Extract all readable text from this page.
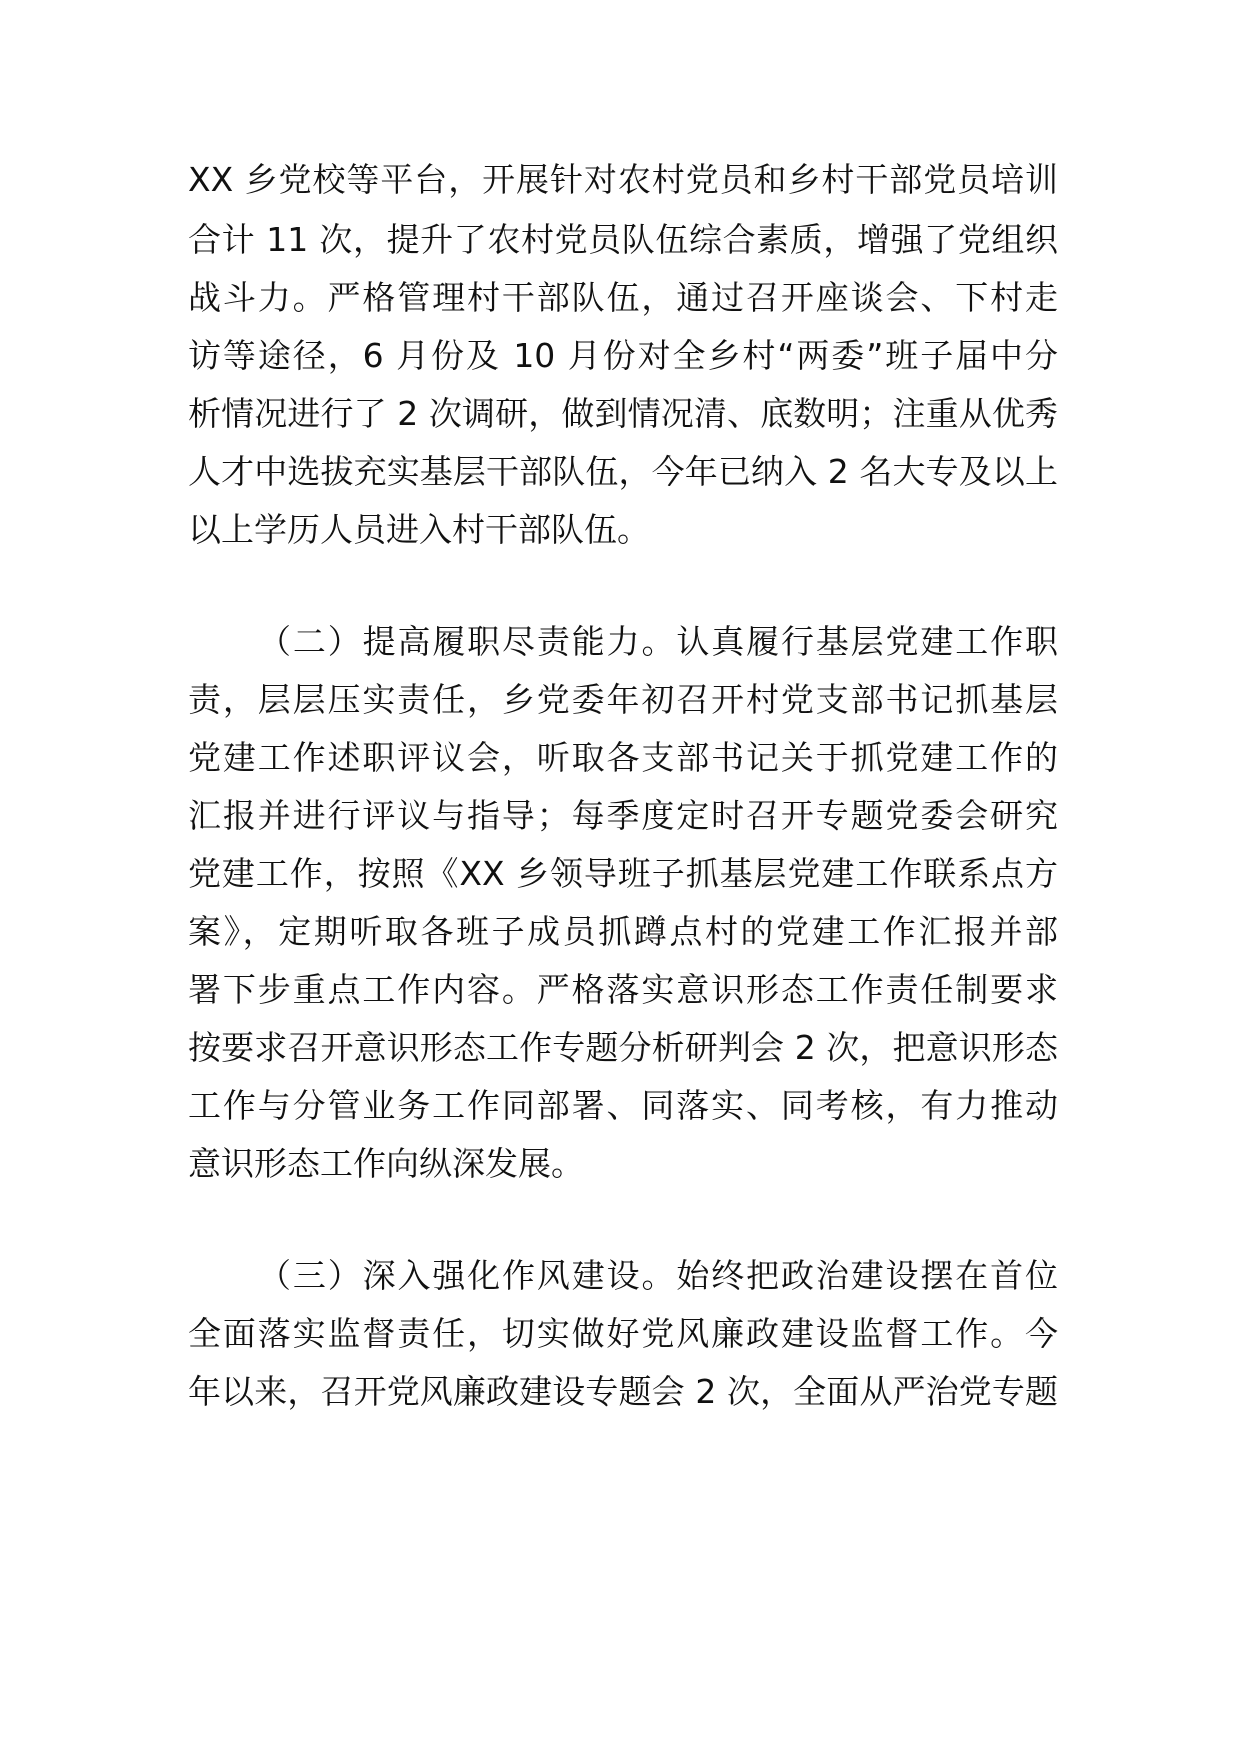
XX 乡党校等平台，开展针对农村党员和乡村干部党员培训
合计 11 次，提升了农村党员队伍综合素质，增强了党组织
战斗力。严格管理村干部队伍，通过召开座谈会、下村走
访等途径，6 月份及 10 月份对全乡村“两委”班子届中分
析情况进行了 2 次调研，做到情况清、底数明；注重从优秀
人才中选拔充实基层干部队伍，今年已纳入 2 名大专及以上
以上学历人员进入村干部队伍。
（二）提高履职尽责能力。认真履行基层党建工作职
责，层层压实责任，乡党委年初召开村党支部书记抓基层
党建工作述职评议会，听取各支部书记关于抓党建工作的
汇报并进行评议与指导；每季度定时召开专题党委会研究
党建工作，按照《XX 乡领导班子抓基层党建工作联系点方
案》，定期听取各班子成员抓蹲点村的党建工作汇报并部
署下步重点工作内容。严格落实意识形态工作责任制要求
按要求召开意识形态工作专题分析研判会 2 次，把意识形态
工作与分管业务工作同部署、同落实、同考核，有力推动
意识形态工作向纵深发展。
（三）深入强化作风建设。始终把政治建设摆在首位
全面落实监督责任，切实做好党风廉政建设监督工作。今
年以来，召开党风廉政建设专题会 2 次，全面从严治党专题
